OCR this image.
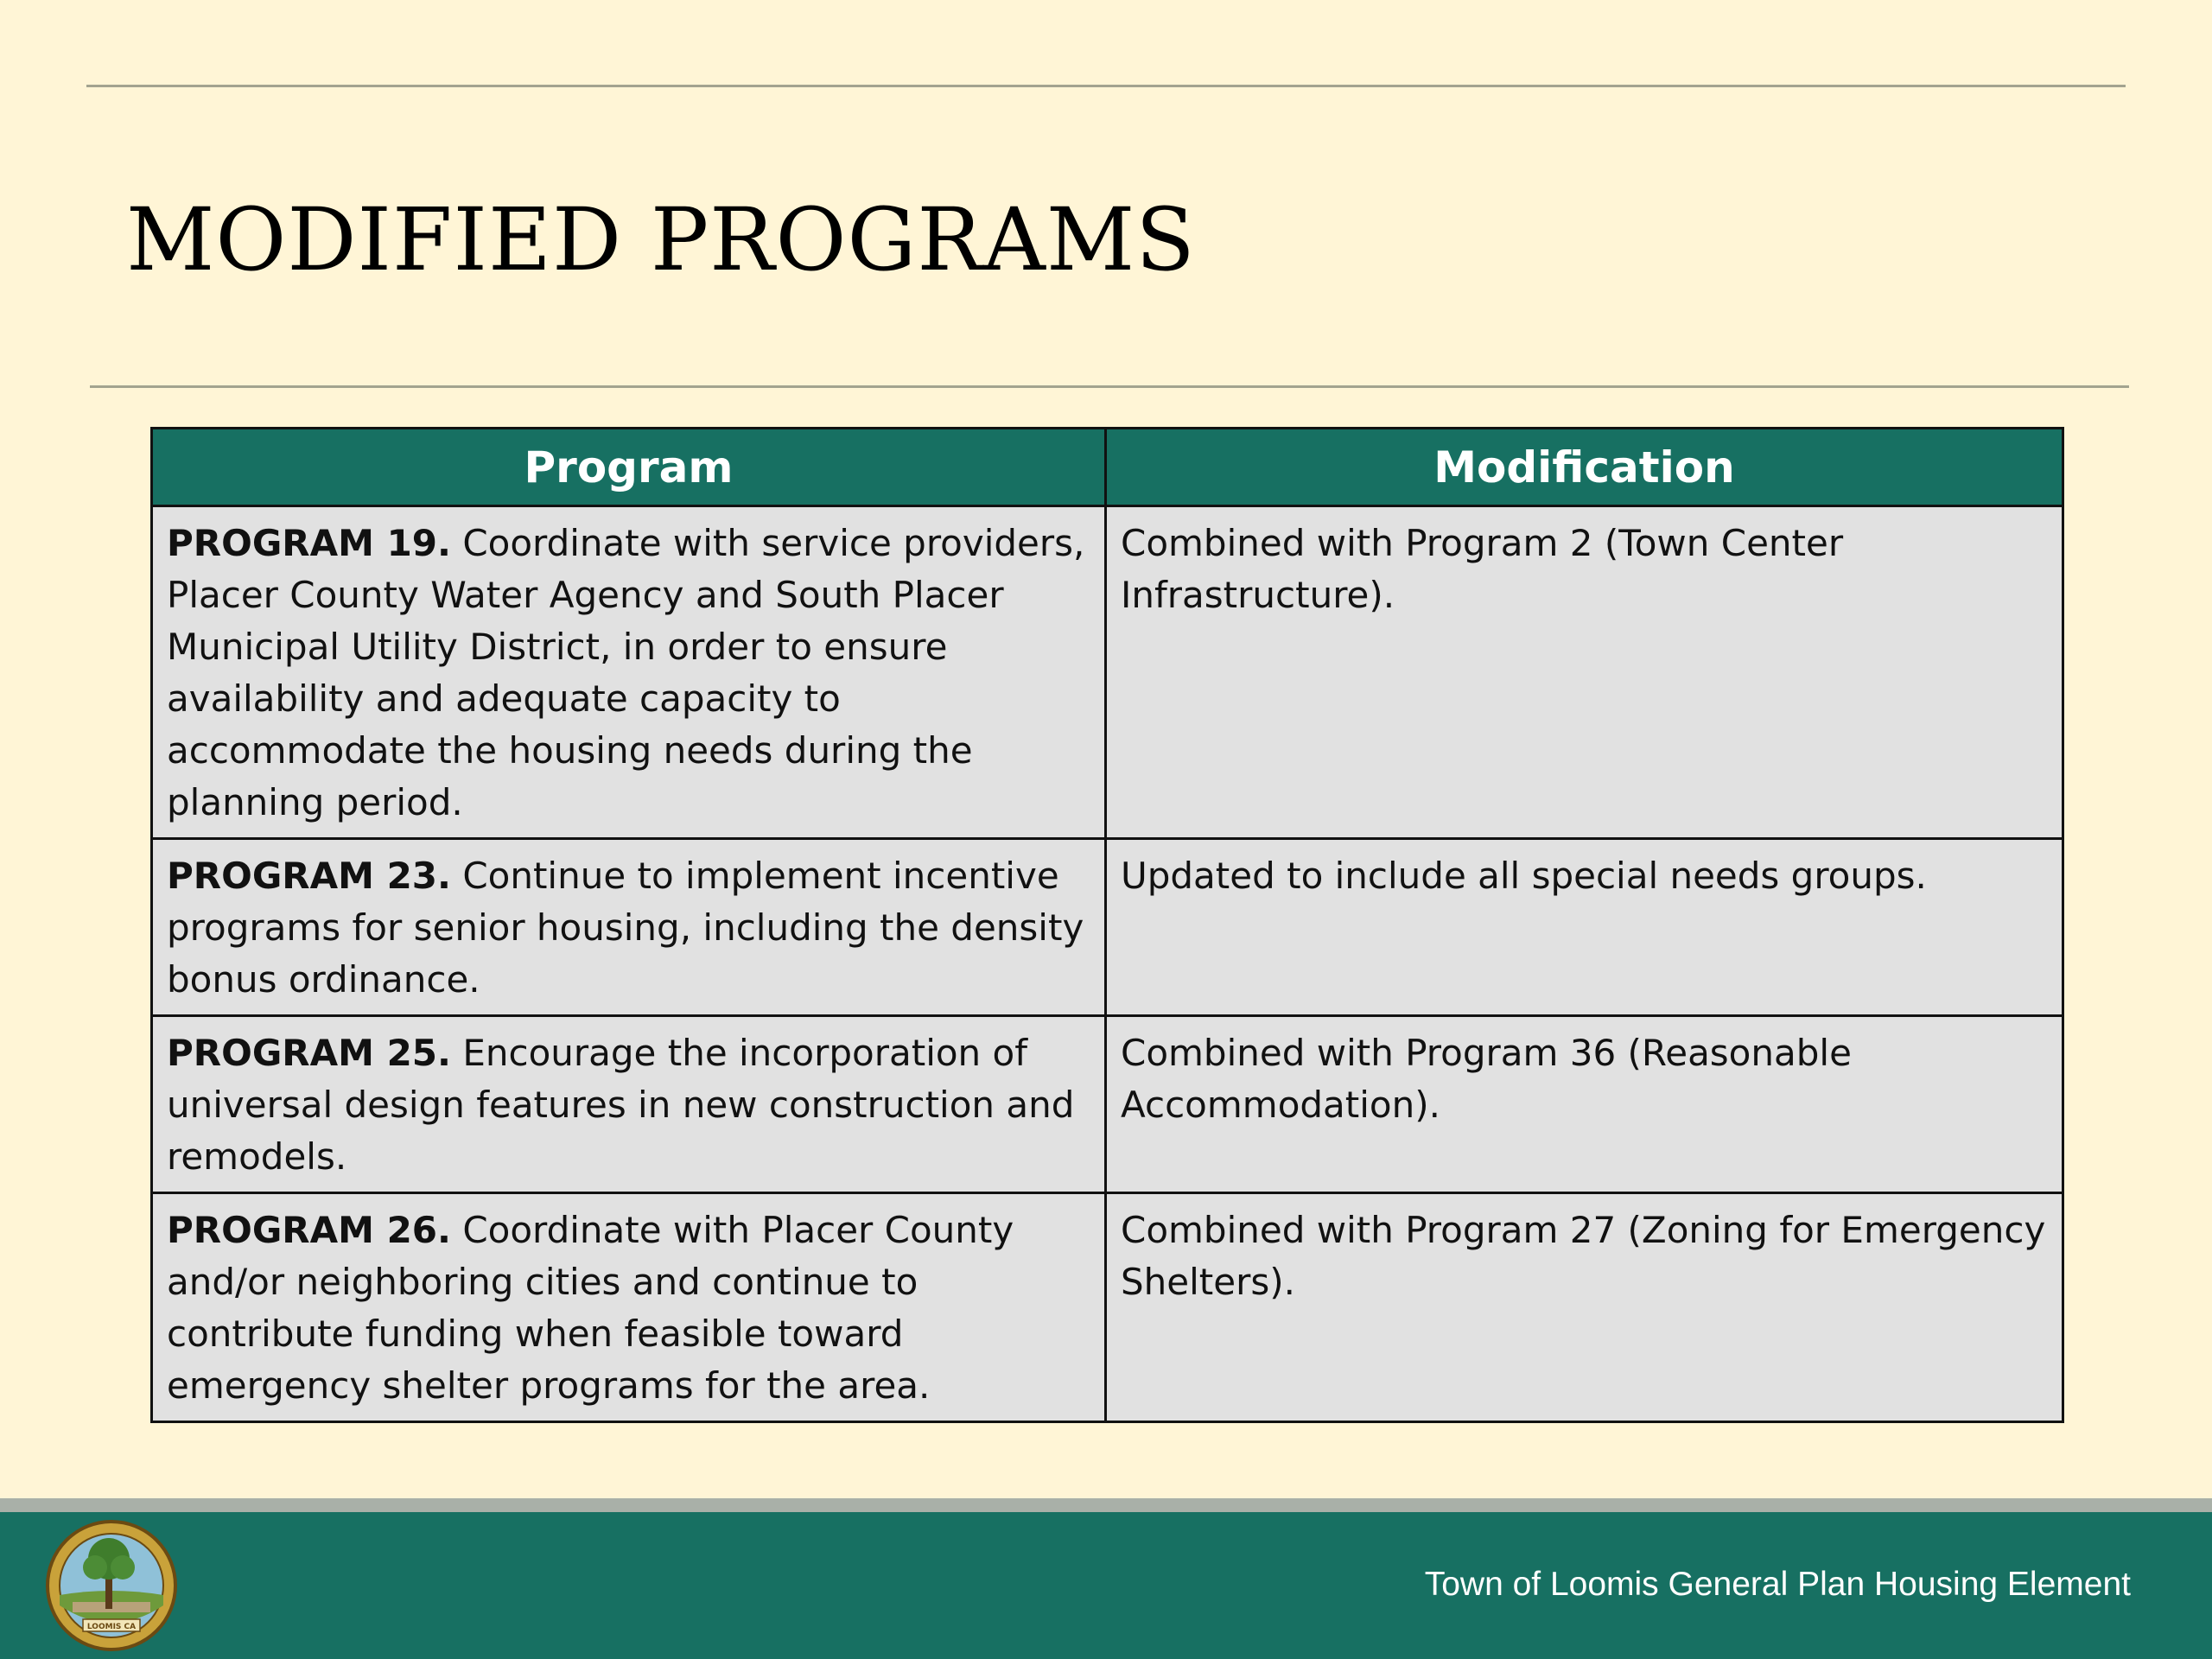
MODIFIED PROGRAMS
Program	Modification
PROGRAM 19. Coordinate with service providers, Placer County Water Agency and South Placer Municipal Utility District, in order to ensure availability and adequate capacity to accommodate the housing needs during the planning period.	Combined with Program 2 (Town Center Infrastructure).
PROGRAM 23. Continue to implement incentive programs for senior housing, including the density bonus ordinance.	Updated to include all special needs groups.
PROGRAM 25. Encourage the incorporation of universal design features in new construction and remodels.	Combined with Program 36 (Reasonable Accommodation).
PROGRAM 26. Coordinate with Placer County and/or neighboring cities and continue to contribute funding when feasible toward emergency shelter programs for the area.	Combined with Program 27 (Zoning for Emergency Shelters).
LOOMIS CA
Town of Loomis General Plan Housing Element
